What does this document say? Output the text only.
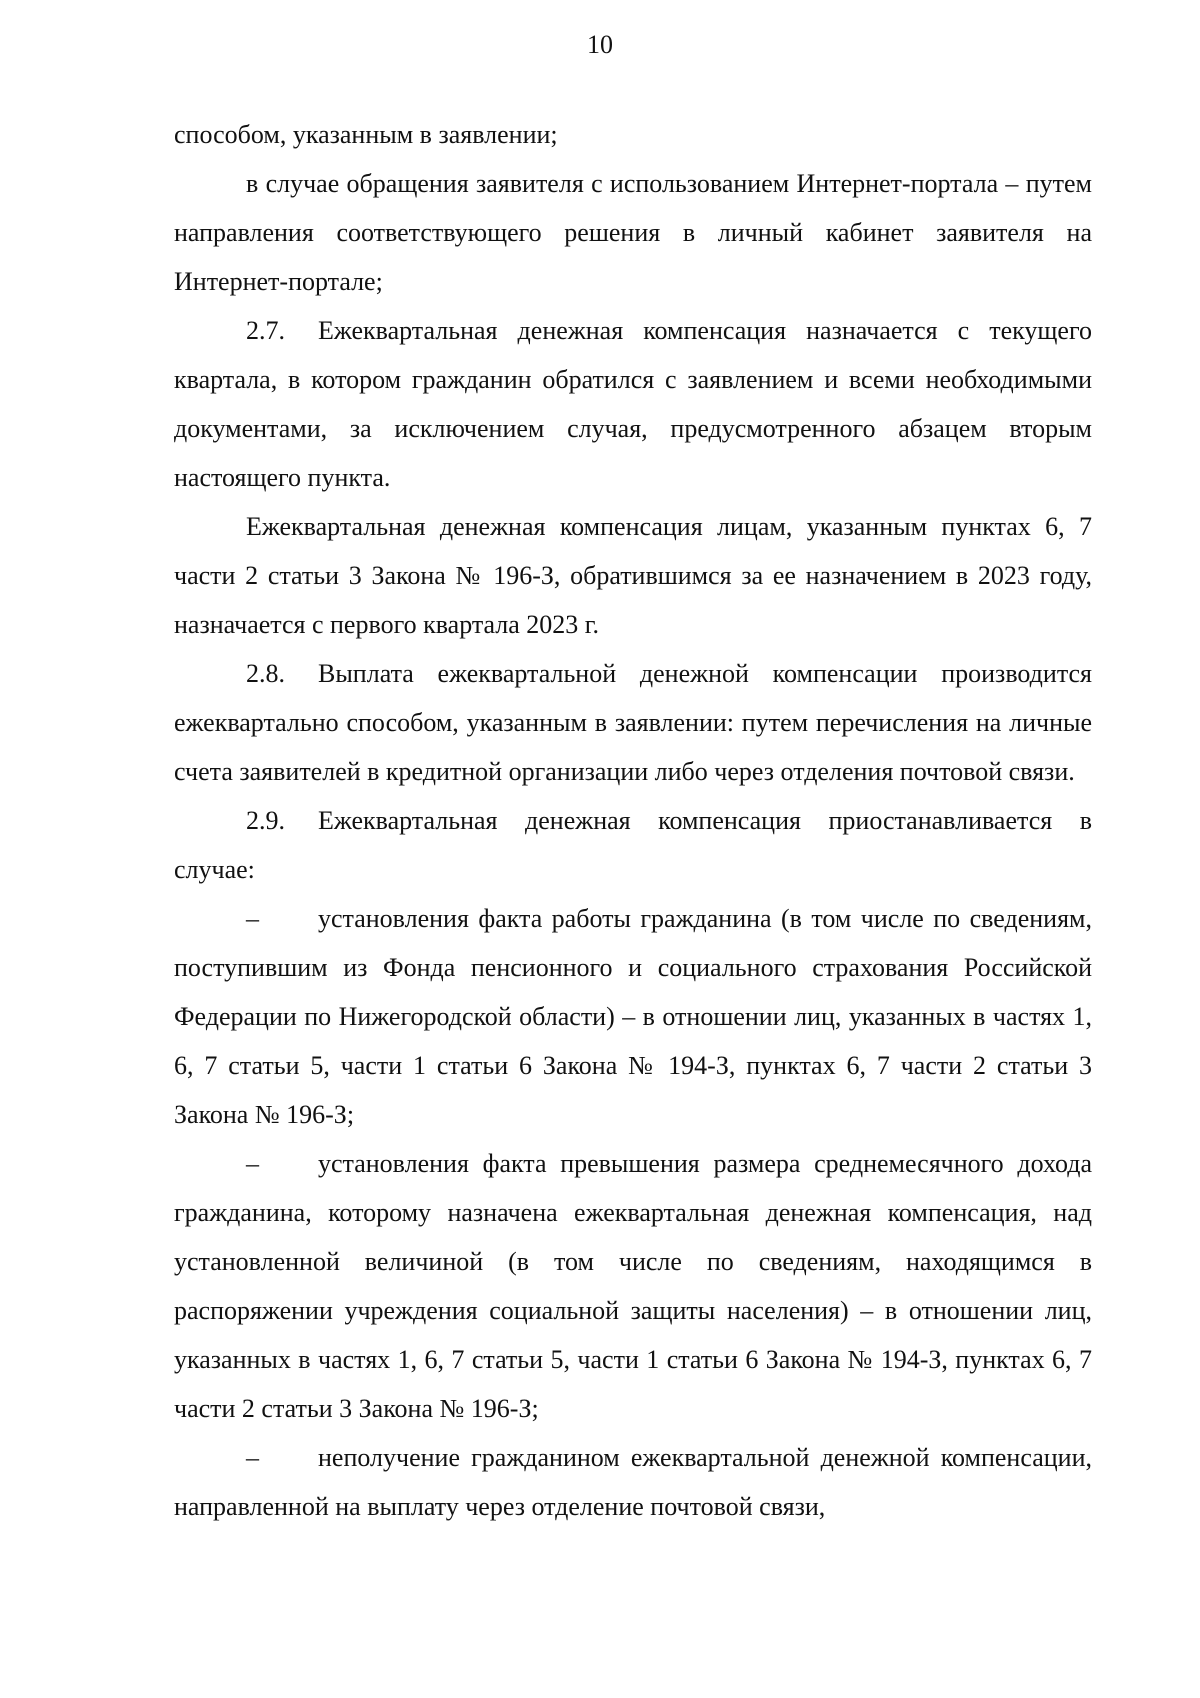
10

способом, указанным в заявлении;

в случае обращения заявителя с использованием Интернет-портала – путем направления соответствующего решения в личный кабинет заявителя на Интернет-портале;

2.7. Ежеквартальная денежная компенсация назначается с текущего квартала, в котором гражданин обратился с заявлением и всеми необходимыми документами, за исключением случая, предусмотренного абзацем вторым настоящего пункта.

Ежеквартальная денежная компенсация лицам, указанным пунктах 6, 7 части 2 статьи 3 Закона № 196-З, обратившимся за ее назначением в 2023 году, назначается с первого квартала 2023 г.

2.8. Выплата ежеквартальной денежной компенсации производится ежеквартально способом, указанным в заявлении: путем перечисления на личные счета заявителей в кредитной организации либо через отделения почтовой связи.

2.9. Ежеквартальная денежная компенсация приостанавливается в случае:

– установления факта работы гражданина (в том числе по сведениям, поступившим из Фонда пенсионного и социального страхования Российской Федерации по Нижегородской области) – в отношении лиц, указанных в частях 1, 6, 7 статьи 5, части 1 статьи 6 Закона № 194-З, пунктах 6, 7 части 2 статьи 3 Закона № 196-З;

– установления факта превышения размера среднемесячного дохода гражданина, которому назначена ежеквартальная денежная компенсация, над установленной величиной (в том числе по сведениям, находящимся в распоряжении учреждения социальной защиты населения) – в отношении лиц, указанных в частях 1, 6, 7 статьи 5, части 1 статьи 6 Закона № 194-З, пунктах 6, 7 части 2 статьи 3 Закона № 196-З;

– неполучение гражданином ежеквартальной денежной компенсации, направленной на выплату через отделение почтовой связи,
